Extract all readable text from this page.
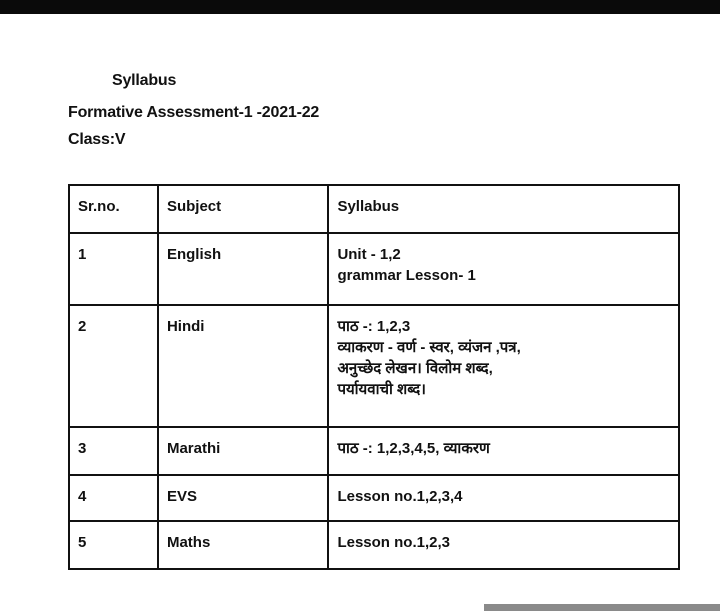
Syllabus
Formative Assessment-1 -2021-22
Class:V
Sr.no.	Subject	Syllabus
1	English	Unit - 1,2
grammar Lesson- 1

2	Hindi	पाठ -: 1,2,3
व्याकरण - वर्ण - स्वर, व्यंजन ,पत्र,
अनुच्छेद लेखन। विलोम शब्द,
पर्यायवाची शब्द।

3	Marathi	पाठ -: 1,2,3,4,5, व्याकरण

4	EVS	Lesson no.1,2,3,4

5	Maths	Lesson no.1,2,3
